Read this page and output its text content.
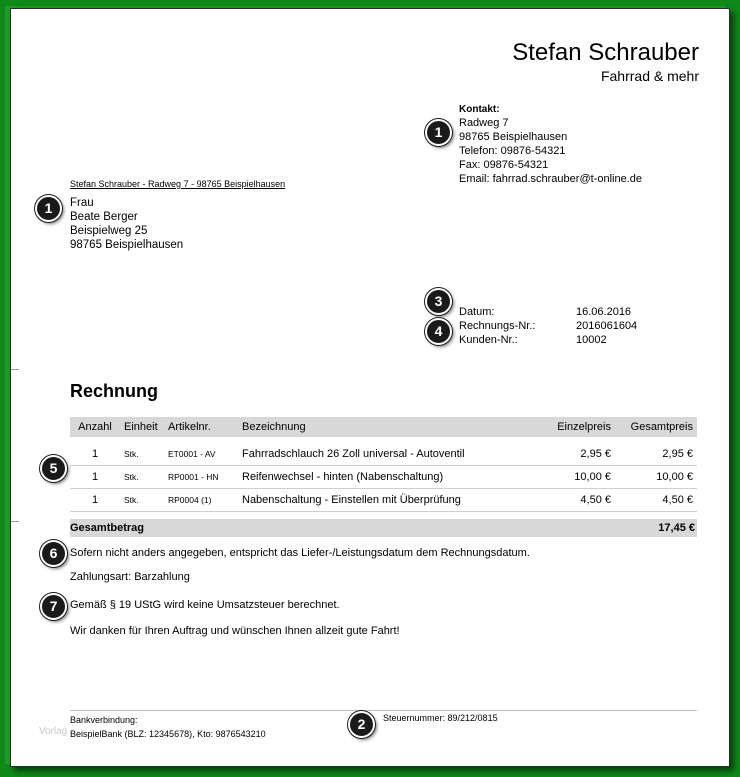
Stefan Schrauber
Fahrrad & mehr
Kontakt:
Radweg 7
98765 Beispielhausen
Telefon: 09876-54321
Fax: 09876-54321
Email: fahrrad.schrauber@t-online.de
Stefan Schrauber - Radweg 7 - 98765 Beispielhausen
Frau
Beate Berger
Beispielweg 25
98765 Beispielhausen
Datum:	16.06.2016
Rechnungs-Nr.:	2016061604
Kunden-Nr.:	10002
Rechnung
Anzahl	Einheit	Artikelnr.	Bezeichnung	Einzelpreis	Gesamtpreis

1	Stk.	ET0001 - AV	Fahrradschlauch 26 Zoll universal - Autoventil	2,95 €	2,95 €
1	Stk.	RP0001 - HN	Reifenwechsel - hinten (Nabenschaltung)	10,00 €	10,00 €
1	Stk.	RP0004 (1)	Nabenschaltung - Einstellen mit Überprüfung	4,50 €	4,50 €
Gesamtbetrag	17,45 €
Sofern nicht anders angegeben, entspricht das Liefer-/Leistungsdatum dem Rechnungsdatum.
Zahlungsart: Barzahlung
Gemäß § 19 UStG wird keine Umsatzsteuer berechnet.
Wir danken für Ihren Auftrag und wünschen Ihnen allzeit gute Fahrt!
Bankverbindung:
BeispielBank (BLZ: 12345678), Kto: 9876543210
Steuernummer: 89/212/0815
Vorlag
1
1
3
4
5
6
7
2
